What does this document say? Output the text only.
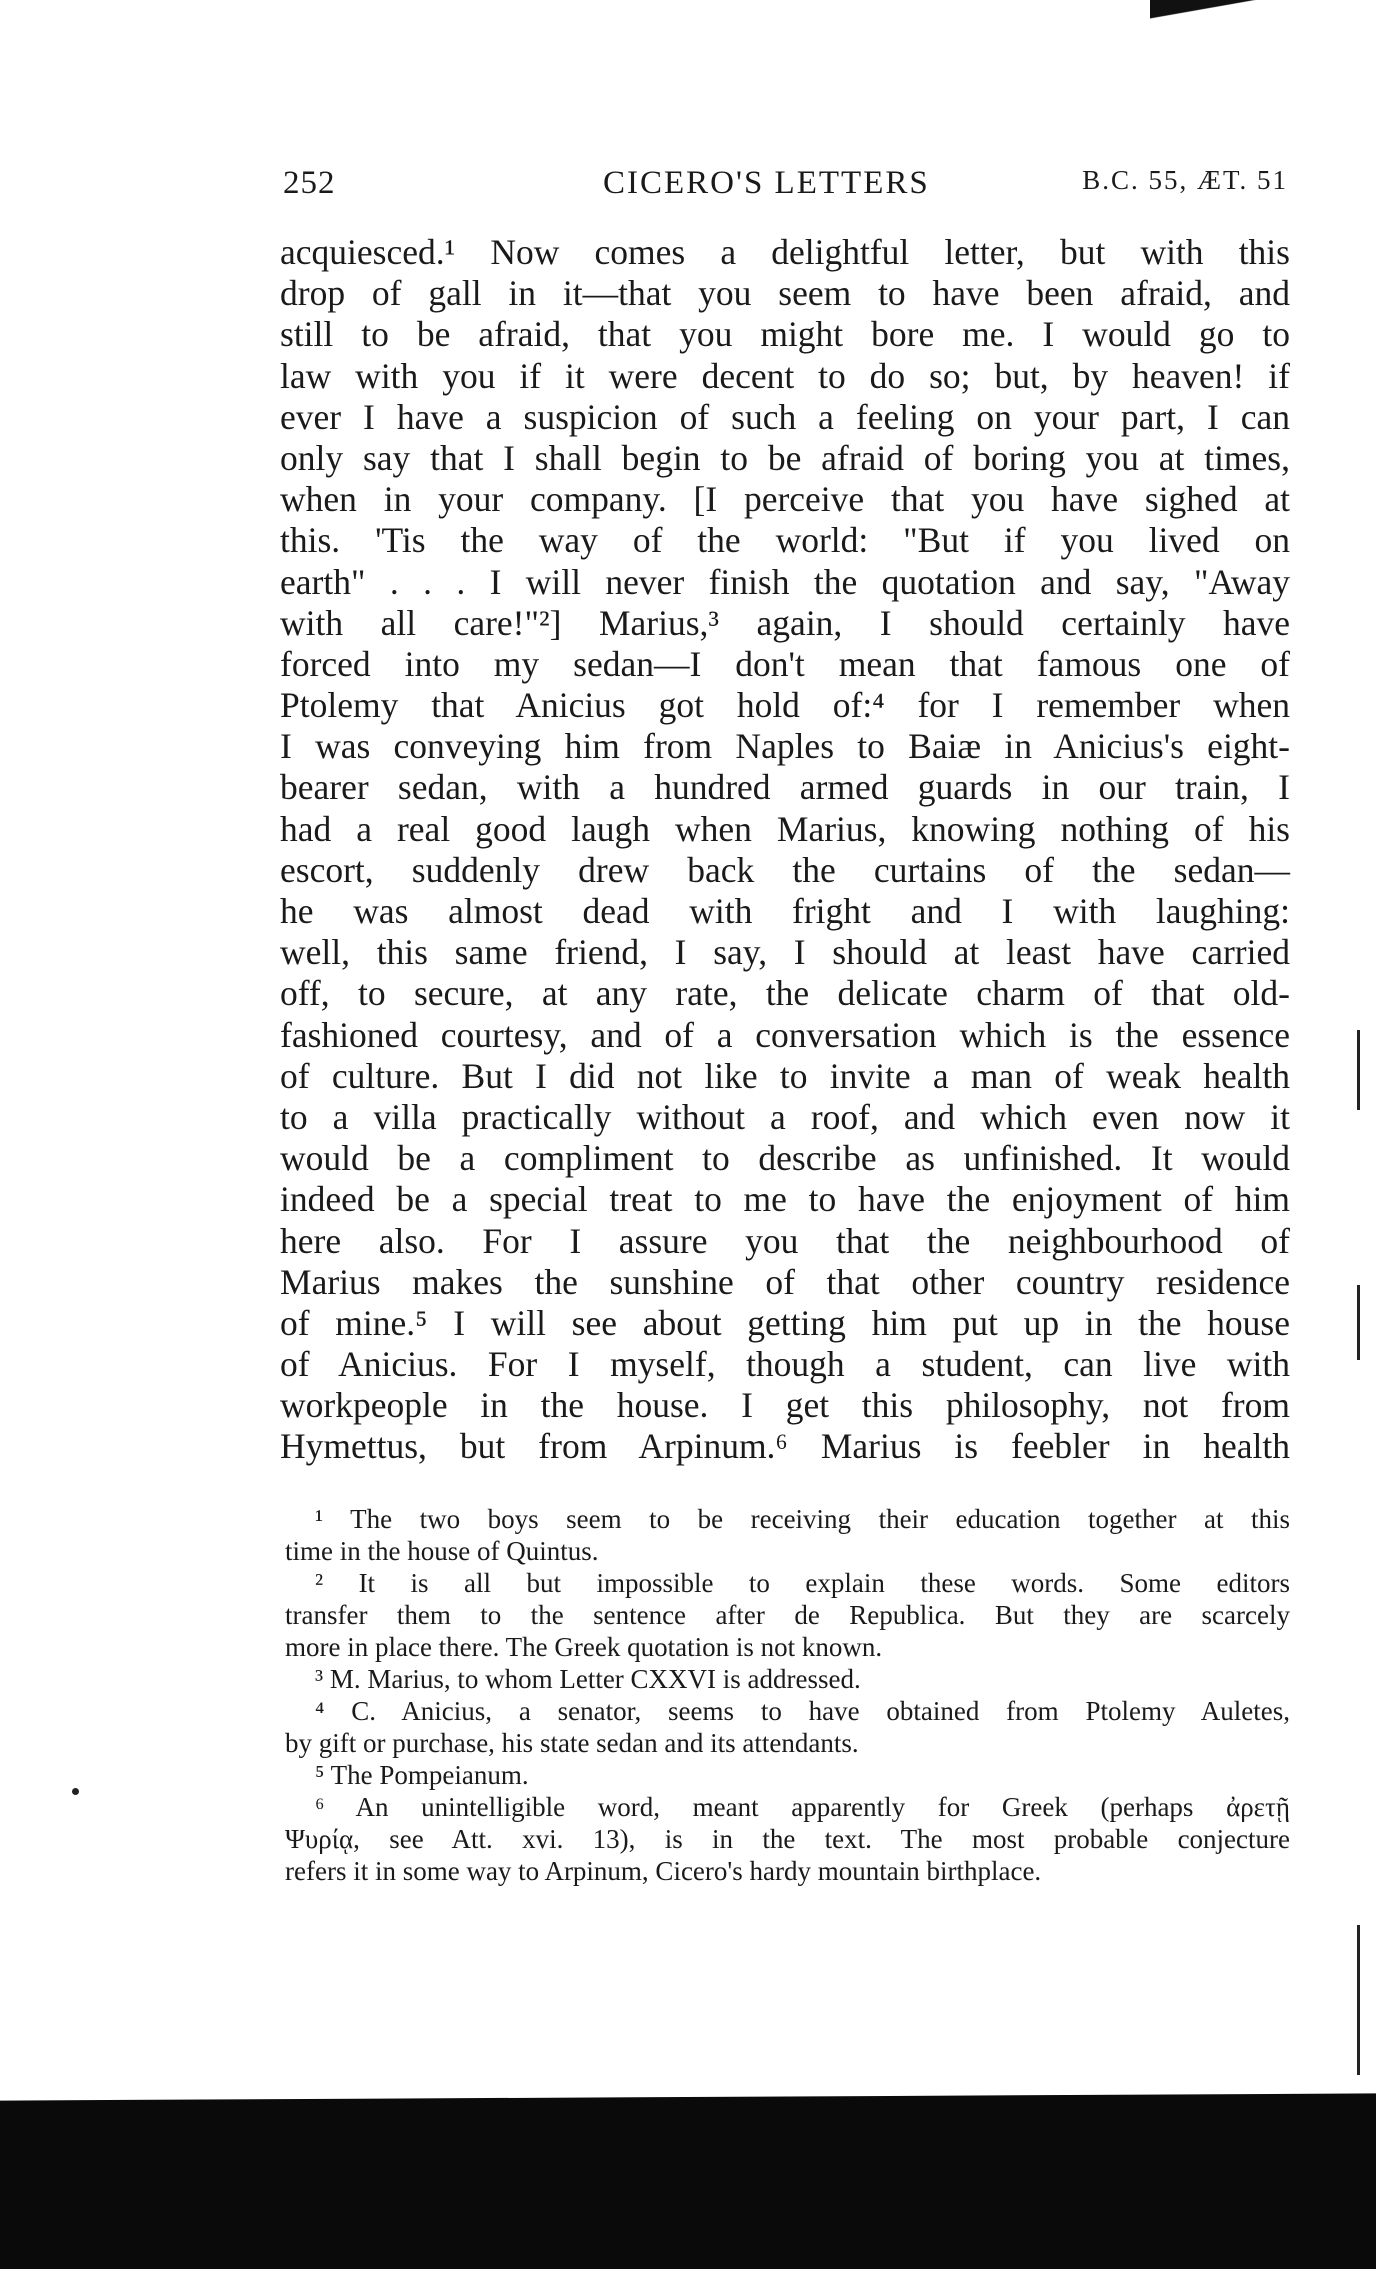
252	CICERO'S LETTERS	B.C. 55, ÆT. 51
acquiesced.¹ Now comes a delightful letter, but with this
drop of gall in it—that you seem to have been afraid, and
still to be afraid, that you might bore me. I would go to
law with you if it were decent to do so; but, by heaven! if
ever I have a suspicion of such a feeling on your part, I can
only say that I shall begin to be afraid of boring you at times,
when in your company. [I perceive that you have sighed at
this. 'Tis the way of the world: "But if you lived on
earth" . . . I will never finish the quotation and say, "Away
with all care!"²] Marius,³ again, I should certainly have
forced into my sedan—I don't mean that famous one of
Ptolemy that Anicius got hold of:⁴ for I remember when
I was conveying him from Naples to Baiæ in Anicius's eight-
bearer sedan, with a hundred armed guards in our train, I
had a real good laugh when Marius, knowing nothing of his
escort, suddenly drew back the curtains of the sedan—
he was almost dead with fright and I with laughing:
well, this same friend, I say, I should at least have carried
off, to secure, at any rate, the delicate charm of that old-
fashioned courtesy, and of a conversation which is the essence
of culture. But I did not like to invite a man of weak health
to a villa practically without a roof, and which even now it
would be a compliment to describe as unfinished. It would
indeed be a special treat to me to have the enjoyment of him
here also. For I assure you that the neighbourhood of
Marius makes the sunshine of that other country residence
of mine.⁵ I will see about getting him put up in the house
of Anicius. For I myself, though a student, can live with
workpeople in the house. I get this philosophy, not from
Hymettus, but from Arpinum.⁶ Marius is feebler in health
¹ The two boys seem to be receiving their education together at this
time in the house of Quintus.
² It is all but impossible to explain these words. Some editors
transfer them to the sentence after de Republica. But they are scarcely
more in place there. The Greek quotation is not known.
³ M. Marius, to whom Letter CXXVI is addressed.
⁴ C. Anicius, a senator, seems to have obtained from Ptolemy Auletes,
by gift or purchase, his state sedan and its attendants.
⁵ The Pompeianum.
⁶ An unintelligible word, meant apparently for Greek (perhaps ἀρετῇ
Ψυρίᾳ, see Att. xvi. 13), is in the text. The most probable conjecture
refers it in some way to Arpinum, Cicero's hardy mountain birthplace.
